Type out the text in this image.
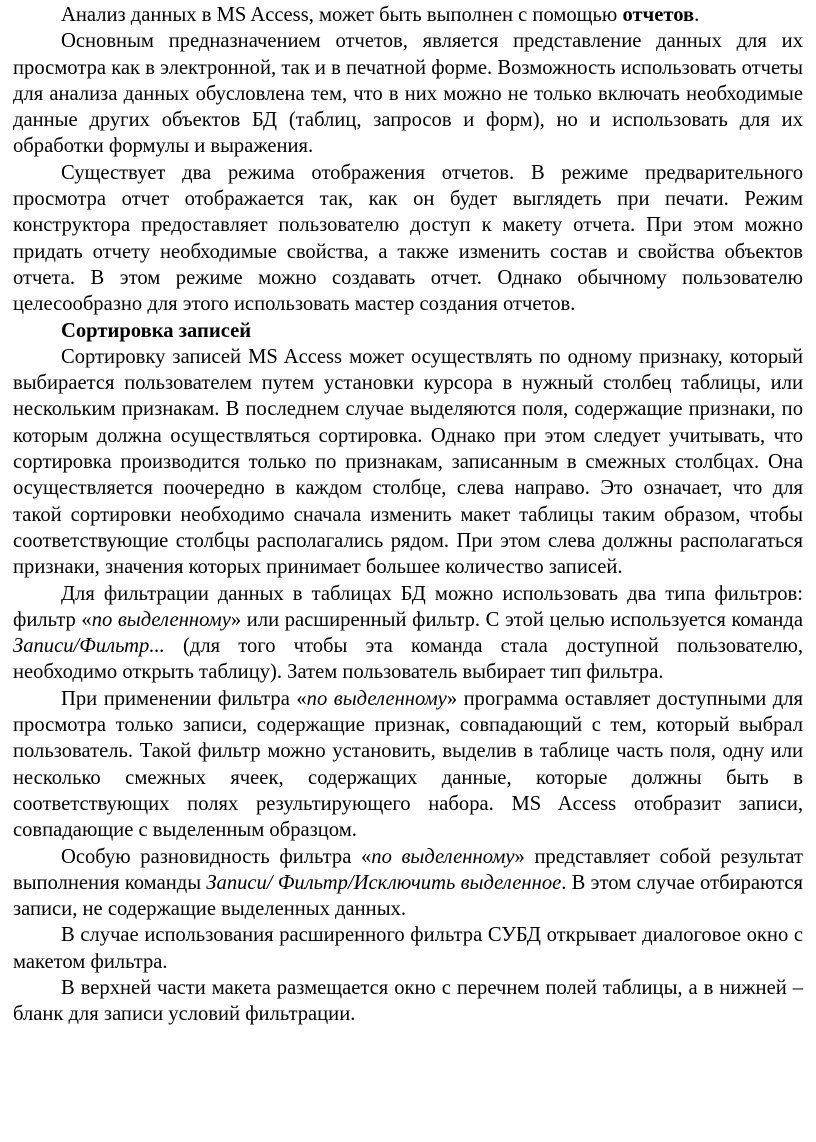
Анализ данных в MS Access, может быть выполнен с помощью отчетов.

Основным предназначением отчетов, является представление данных для их просмотра как в электронной, так и в печатной форме. Возможность использовать отчеты для анализа данных обусловлена тем, что в них можно не только включать необходимые данные других объектов БД (таблиц, запросов и форм), но и использовать для их обработки формулы и выражения.

Существует два режима отображения отчетов. В режиме предварительного просмотра отчет отображается так, как он будет выглядеть при печати. Режим конструктора предоставляет пользователю доступ к макету отчета. При этом можно придать отчету необходимые свойства, а также изменить состав и свойства объектов отчета. В этом режиме можно создавать отчет. Однако обычному пользователю целесообразно для этого использовать мастер создания отчетов.

Сортировка записей

Сортировку записей MS Access может осуществлять по одному признаку, который выбирается пользователем путем установки курсора в нужный столбец таблицы, или нескольким признакам. В последнем случае выделяются поля, содержащие признаки, по которым должна осуществляться сортировка. Однако при этом следует учитывать, что сортировка производится только по признакам, записанным в смежных столбцах. Она осуществляется поочередно в каждом столбце, слева направо. Это означает, что для такой сортировки необходимо сначала изменить макет таблицы таким образом, чтобы соответствующие столбцы располагались рядом. При этом слева должны располагаться признаки, значения которых принимает большее количество записей.

Для фильтрации данных в таблицах БД можно использовать два типа фильтров: фильтр «по выделенному» или расширенный фильтр. С этой целью используется команда Записи/Фильтр... (для того чтобы эта команда стала доступной пользователю, необходимо открыть таблицу). Затем пользователь выбирает тип фильтра.

При применении фильтра «по выделенному» программа оставляет доступными для просмотра только записи, содержащие признак, совпадающий с тем, который выбрал пользователь. Такой фильтр можно установить, выделив в таблице часть поля, одну или несколько смежных ячеек, содержащих данные, которые должны быть в соответствующих полях результирующего набора. MS Access отобразит записи, совпадающие с выделенным образцом.

Особую разновидность фильтра «по выделенному» представляет собой результат выполнения команды Записи/ Фильтр/Исключить выделенное. В этом случае отбираются записи, не содержащие выделенных данных.

В случае использования расширенного фильтра СУБД открывает диалоговое окно с макетом фильтра.

В верхней части макета размещается окно с перечнем полей таблицы, а в нижней – бланк для записи условий фильтрации.
